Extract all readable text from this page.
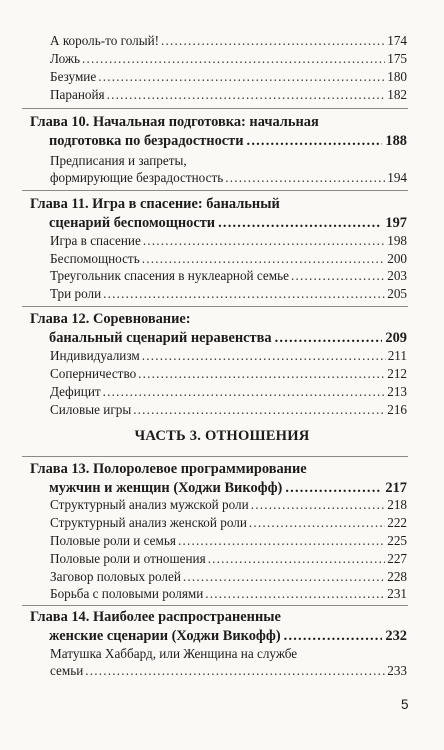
А король-то голый! .....	174
Ложь .....	175
Безумие .....	180
Паранойя .....	182
Глава 10. Начальная подготовка: начальная
подготовка по безрадостности .....	188
Предписания и запреты,
формирующие безрадостность .....	194
Глава 11. Игра в спасение: банальный
сценарий беспомощности .....	197
Игра в спасение .....	198
Беспомощность .....	200
Треугольник спасения в нуклеарной семье .....	203
Три роли .....	205
Глава 12. Соревнование:
банальный сценарий неравенства .....	209
Индивидуализм .....	211
Соперничество .....	212
Дефицит .....	213
Силовые игры .....	216
ЧАСТЬ 3. ОТНОШЕНИЯ
Глава 13. Полоролевое программирование
мужчин и женщин (Ходжи Викофф) .....	217
Структурный анализ мужской роли .....	218
Структурный анализ женской роли .....	222
Половые роли и семья .....	225
Половые роли и отношения .....	227
Заговор половых ролей .....	228
Борьба с половыми ролями .....	231
Глава 14. Наиболее распространенные
женские сценарии (Ходжи Викофф) .....	232
Матушка Хаббард, или Женщина на службе
семьи .....	233
5
